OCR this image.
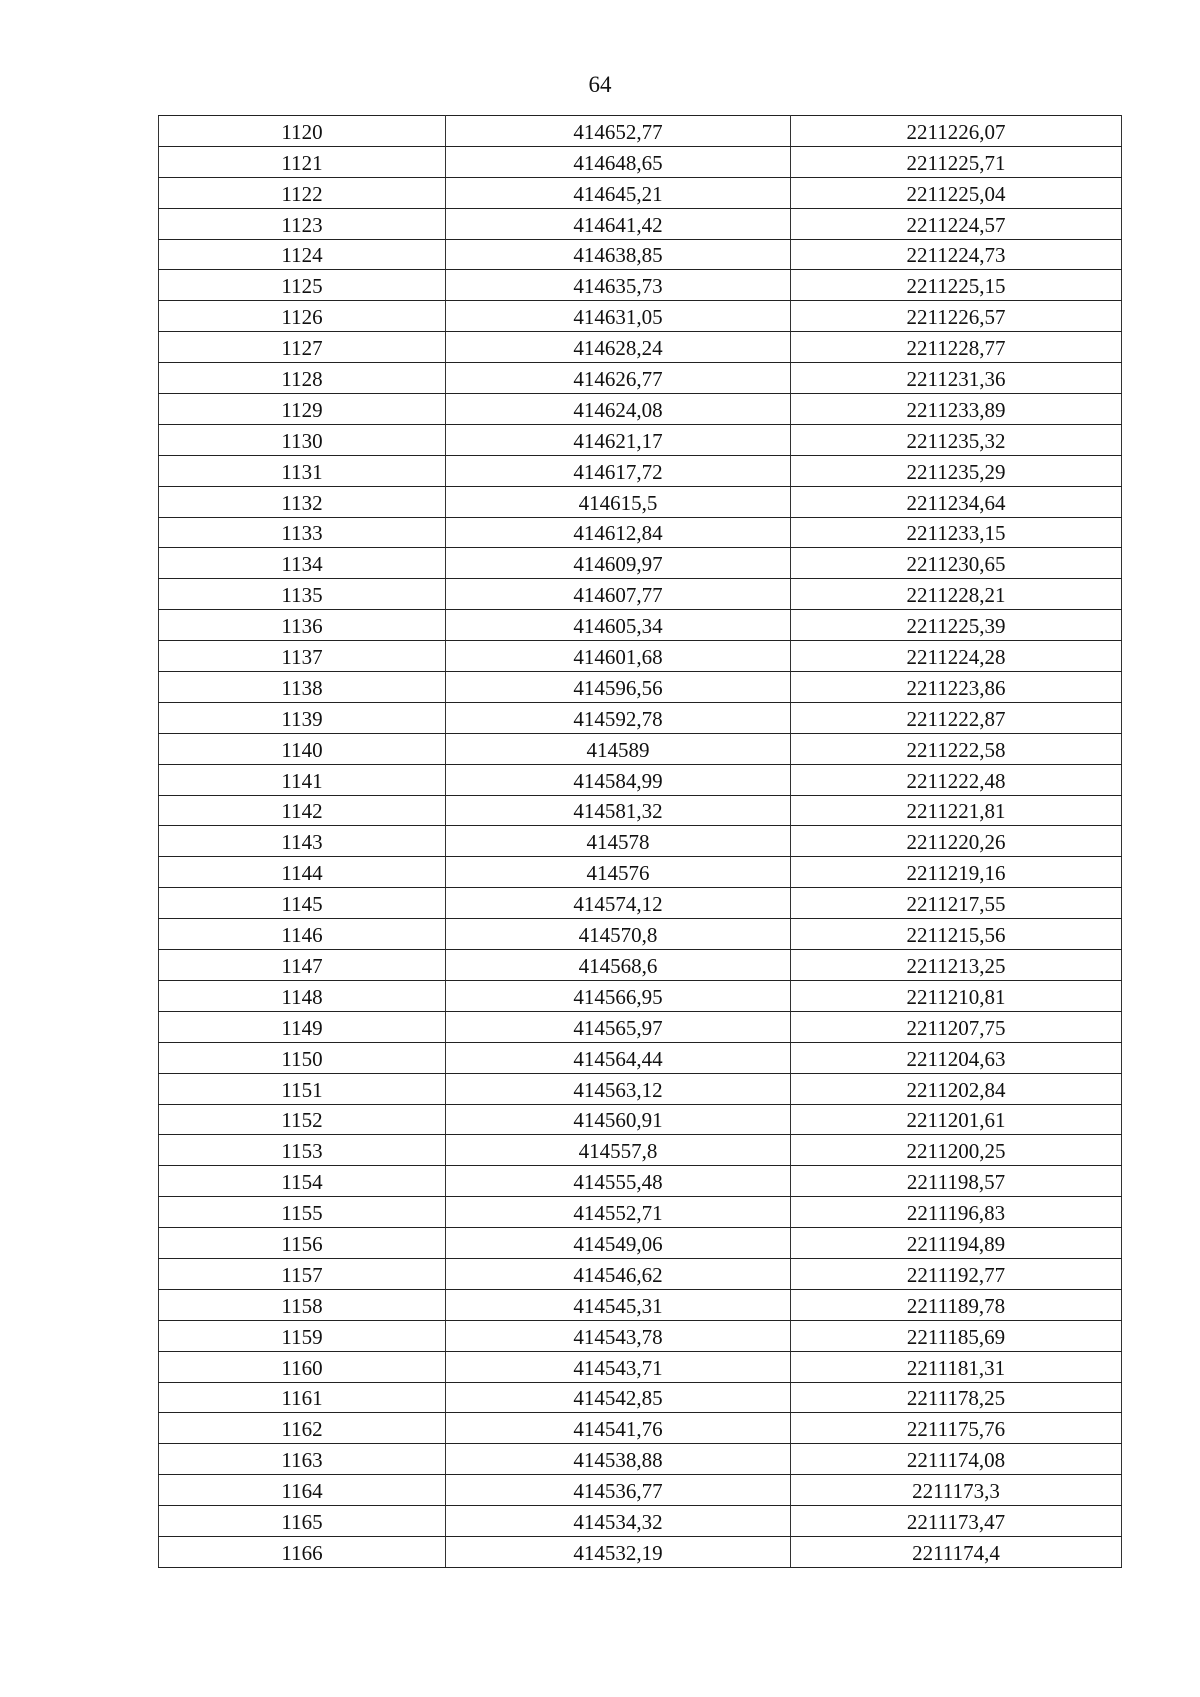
64
1120	414652,77	2211226,07
1121	414648,65	2211225,71
1122	414645,21	2211225,04
1123	414641,42	2211224,57
1124	414638,85	2211224,73
1125	414635,73	2211225,15
1126	414631,05	2211226,57
1127	414628,24	2211228,77
1128	414626,77	2211231,36
1129	414624,08	2211233,89
1130	414621,17	2211235,32
1131	414617,72	2211235,29
1132	414615,5	2211234,64
1133	414612,84	2211233,15
1134	414609,97	2211230,65
1135	414607,77	2211228,21
1136	414605,34	2211225,39
1137	414601,68	2211224,28
1138	414596,56	2211223,86
1139	414592,78	2211222,87
1140	414589	2211222,58
1141	414584,99	2211222,48
1142	414581,32	2211221,81
1143	414578	2211220,26
1144	414576	2211219,16
1145	414574,12	2211217,55
1146	414570,8	2211215,56
1147	414568,6	2211213,25
1148	414566,95	2211210,81
1149	414565,97	2211207,75
1150	414564,44	2211204,63
1151	414563,12	2211202,84
1152	414560,91	2211201,61
1153	414557,8	2211200,25
1154	414555,48	2211198,57
1155	414552,71	2211196,83
1156	414549,06	2211194,89
1157	414546,62	2211192,77
1158	414545,31	2211189,78
1159	414543,78	2211185,69
1160	414543,71	2211181,31
1161	414542,85	2211178,25
1162	414541,76	2211175,76
1163	414538,88	2211174,08
1164	414536,77	2211173,3
1165	414534,32	2211173,47
1166	414532,19	2211174,4
